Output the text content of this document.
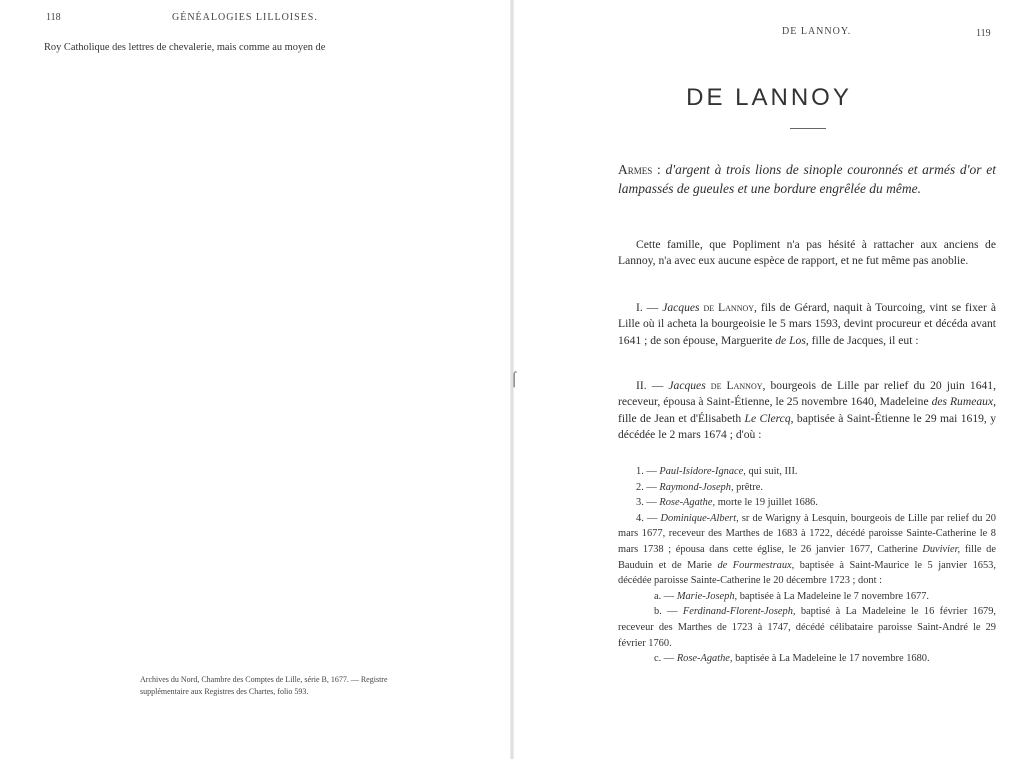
118	GÉNÉALOGIES LILLOISES.
Roy Catholique des lettres de chevalerie, mais comme au moyen de
Archives du Nord, Chambre des Comptes de Lille, série B, 1677. — Registre supplémentaire aux Registres des Chartes, folio 593.
⌠
DE LANNOY.	119
DE LANNOY
Armes : d'argent à trois lions de sinople couronnés et armés d'or et lampassés de gueules et une bordure engrêlée du même.
Cette famille, que Popliment n'a pas hésité à rattacher aux anciens de Lannoy, n'a avec eux aucune espèce de rapport, et ne fut même pas anoblie.
I. — Jacques de Lannoy, fils de Gérard, naquit à Tourcoing, vint se fixer à Lille où il acheta la bourgeoisie le 5 mars 1593, devint procureur et décéda avant 1641 ; de son épouse, Marguerite de Los, fille de Jacques, il eut :
II. — Jacques de Lannoy, bourgeois de Lille par relief du 20 juin 1641, receveur, épousa à Saint-Étienne, le 25 novembre 1640, Madeleine des Rumeaux, fille de Jean et d'Élisabeth Le Clercq, baptisée à Saint-Étienne le 29 mai 1619, y décédée le 2 mars 1674 ; d'où :
1. — Paul-Isidore-Ignace, qui suit, III.
2. — Raymond-Joseph, prêtre.
3. — Rose-Agathe, morte le 19 juillet 1686.
4. — Dominique-Albert, sr de Warigny à Lesquin, bourgeois de Lille par relief du 20 mars 1677, receveur des Marthes de 1683 à 1722, décédé paroisse Sainte-Catherine le 8 mars 1738 ; épousa dans cette église, le 26 janvier 1677, Catherine Duvivier, fille de Bauduin et de Marie de Fourmestraux, baptisée à Saint-Maurice le 5 janvier 1653, décédée paroisse Sainte-Catherine le 20 décembre 1723 ; dont :
a. — Marie-Joseph, baptisée à La Madeleine le 7 novembre 1677.
b. — Ferdinand-Florent-Joseph, baptisé à La Madeleine le 16 février 1679, receveur des Marthes de 1723 à 1747, décédé célibataire paroisse Saint-André le 29 février 1760.
c. — Rose-Agathe, baptisée à La Madeleine le 17 novembre 1680.
